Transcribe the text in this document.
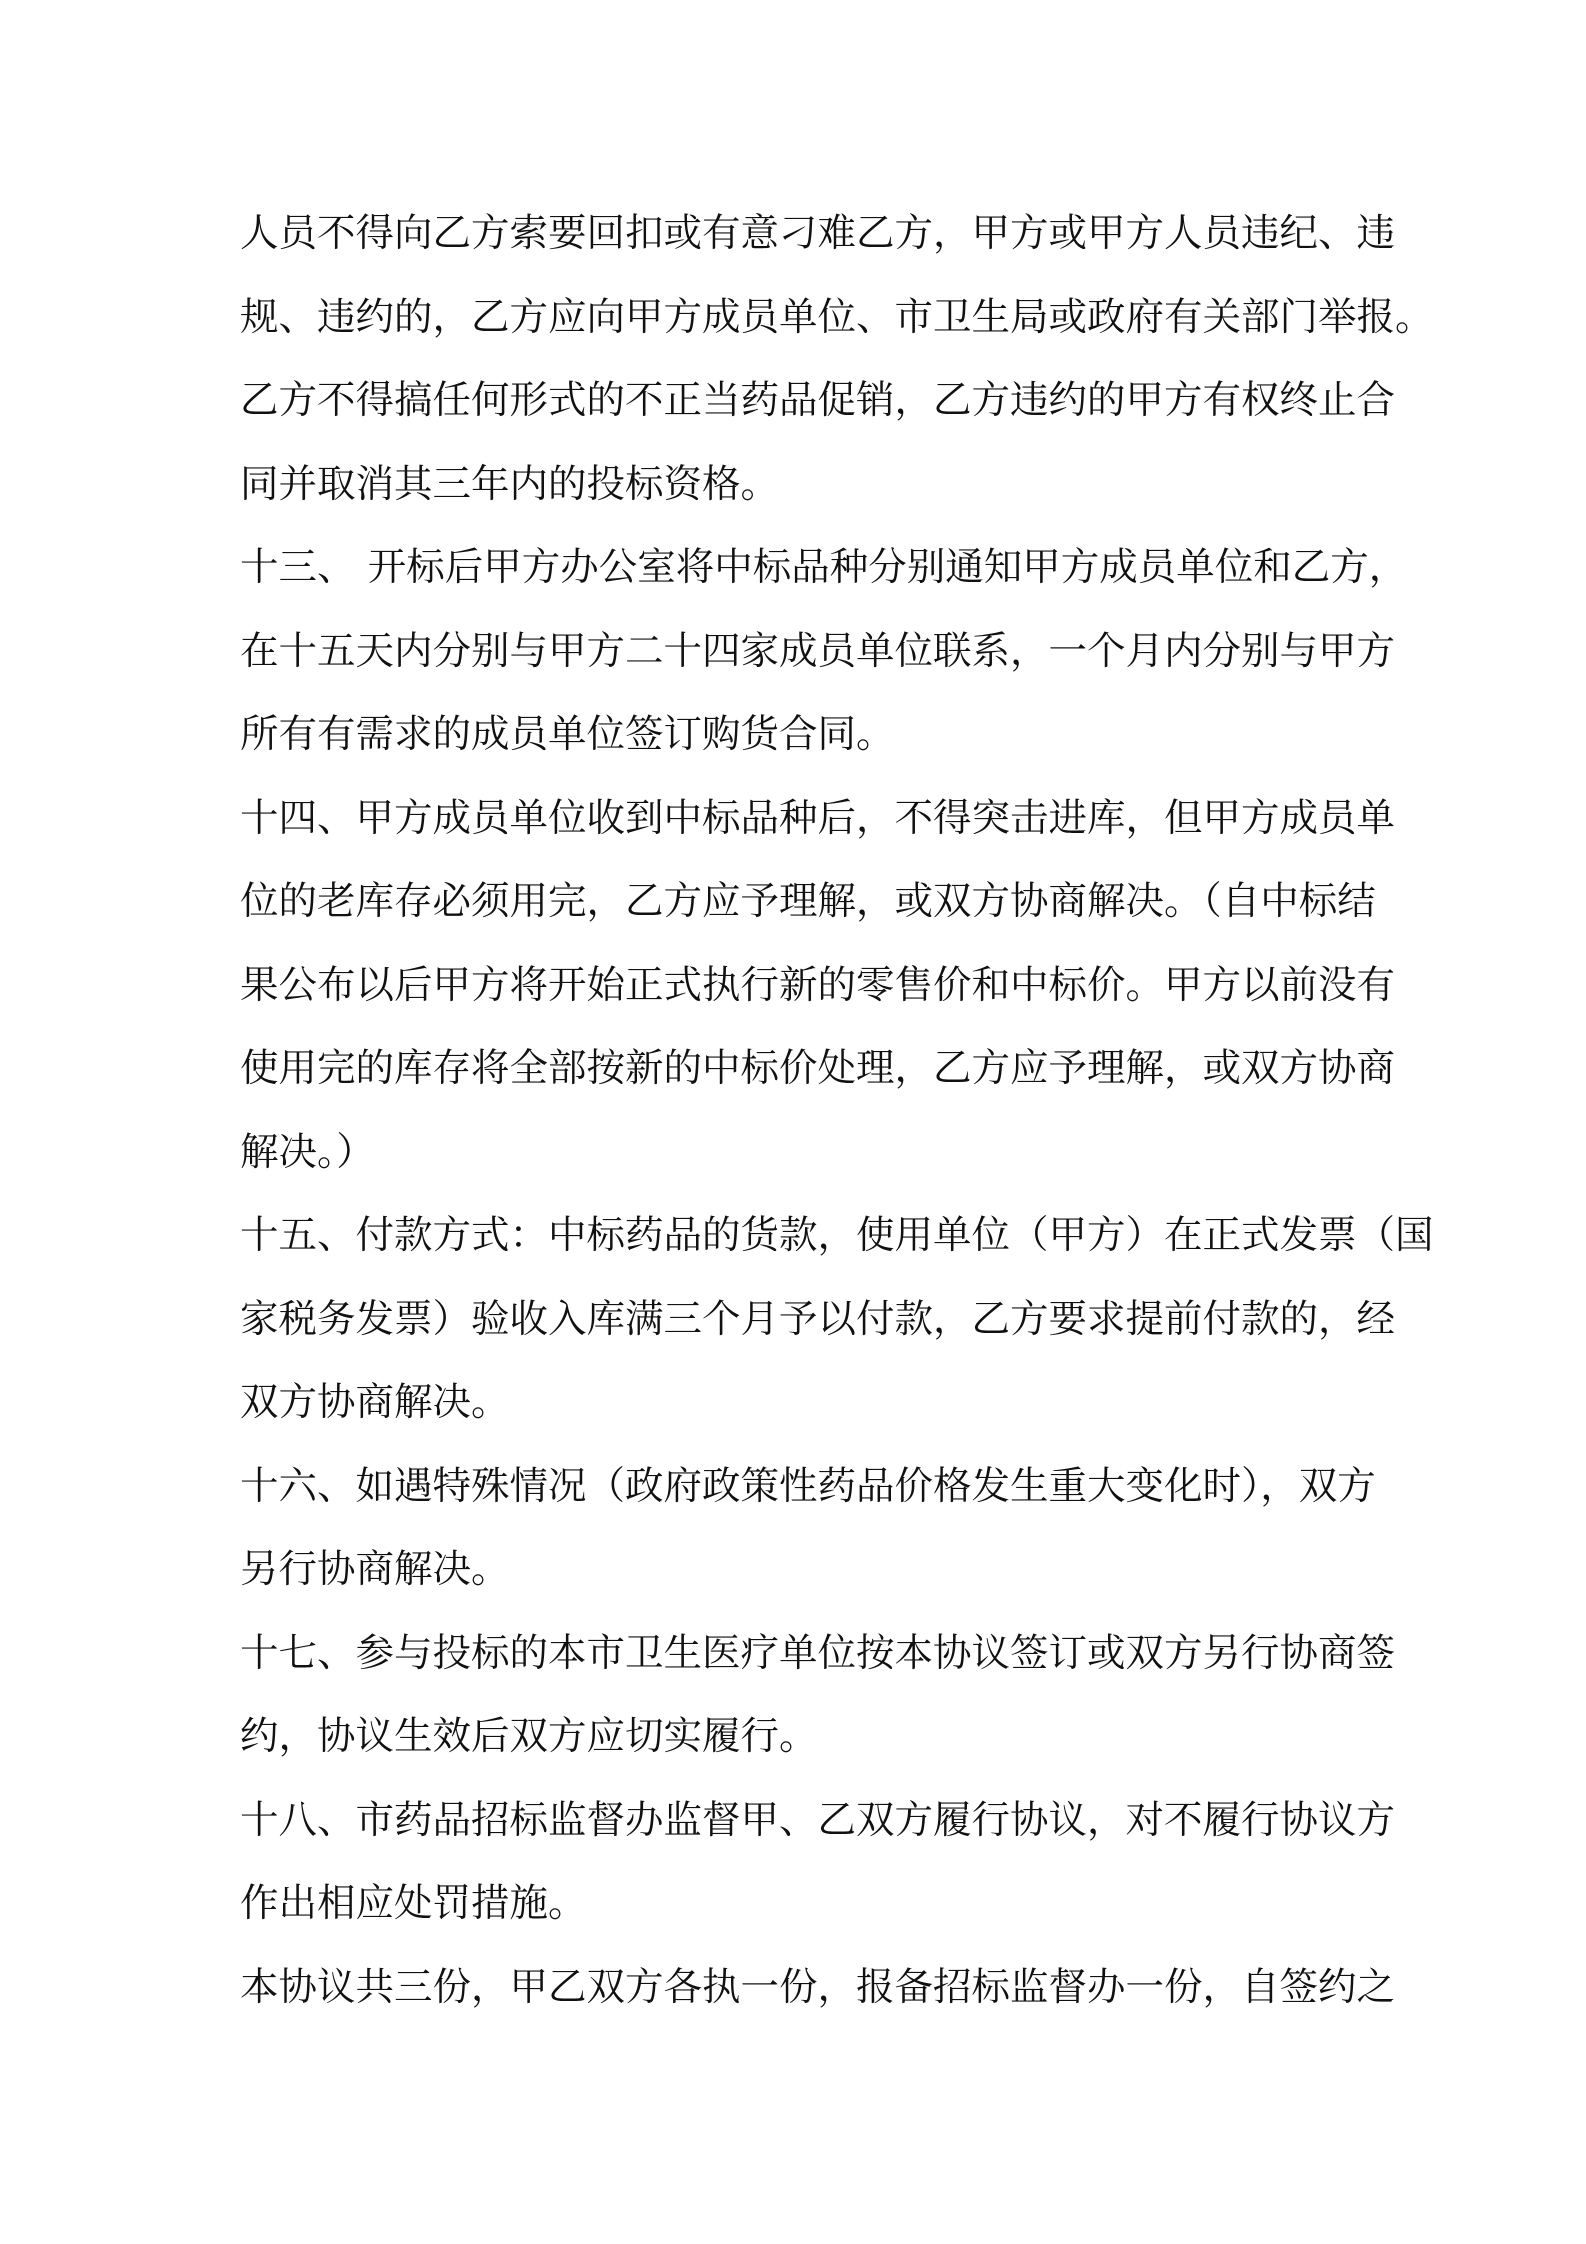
人员不得向乙方索要回扣或有意刁难乙方，甲方或甲方人员违纪、违
规、违约的，乙方应向甲方成员单位、市卫生局或政府有关部门举报。
乙方不得搞任何形式的不正当药品促销，乙方违约的甲方有权终止合
同并取消其三年内的投标资格。
十三、 开标后甲方办公室将中标品种分别通知甲方成员单位和乙方，
在十五天内分别与甲方二十四家成员单位联系，一个月内分别与甲方
所有有需求的成员单位签订购货合同。
十四、甲方成员单位收到中标品种后，不得突击进库，但甲方成员单
位的老库存必须用完，乙方应予理解，或双方协商解决。（自中标结
果公布以后甲方将开始正式执行新的零售价和中标价。甲方以前没有
使用完的库存将全部按新的中标价处理，乙方应予理解，或双方协商
解决。）
十五、付款方式：中标药品的货款，使用单位（甲方）在正式发票（国
家税务发票）验收入库满三个月予以付款，乙方要求提前付款的，经
双方协商解决。
十六、如遇特殊情况（政府政策性药品价格发生重大变化时），双方
另行协商解决。
十七、参与投标的本市卫生医疗单位按本协议签订或双方另行协商签
约，协议生效后双方应切实履行。
十八、市药品招标监督办监督甲、乙双方履行协议，对不履行协议方
作出相应处罚措施。
本协议共三份，甲乙双方各执一份，报备招标监督办一份，自签约之
